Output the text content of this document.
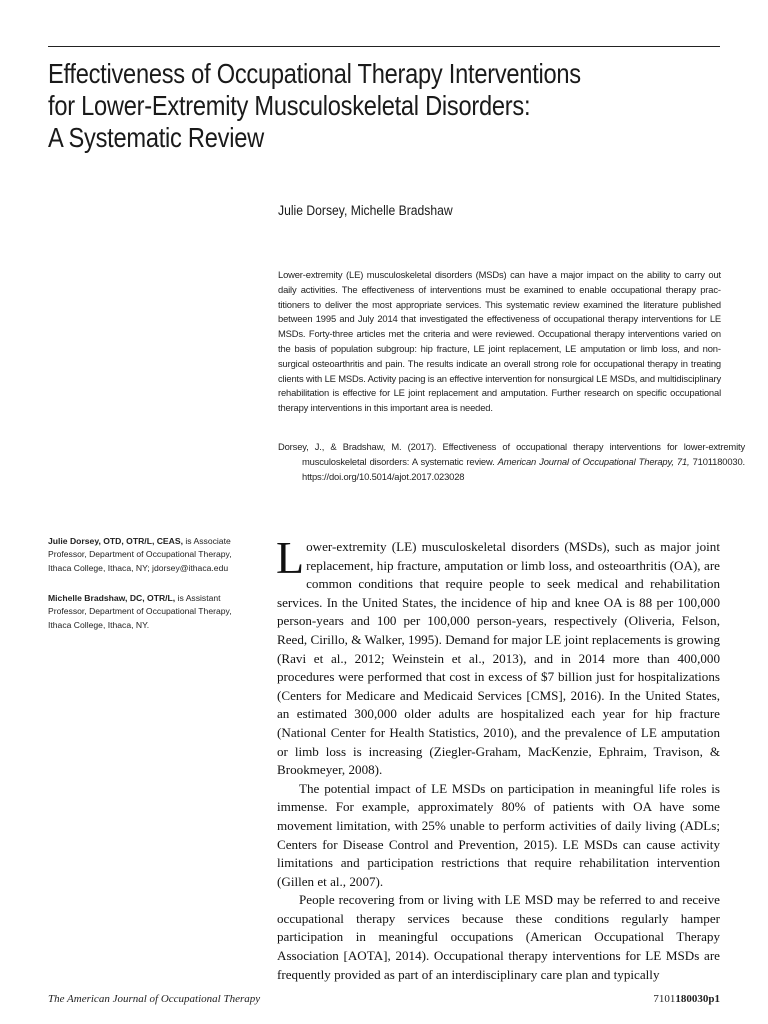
Effectiveness of Occupational Therapy Interventions
for Lower-Extremity Musculoskeletal Disorders:
A Systematic Review

Julie Dorsey, Michelle Bradshaw

Lower-extremity (LE) musculoskeletal disorders (MSDs) can have a major impact on the ability to carry out daily activities. The effectiveness of interventions must be examined to enable occupational therapy practitioners to deliver the most appropriate services. This systematic review examined the literature published between 1995 and July 2014 that investigated the effectiveness of occupational therapy interventions for LE MSDs. Forty-three articles met the criteria and were reviewed. Occupational therapy interventions varied on the basis of population subgroup: hip fracture, LE joint replacement, LE amputation or limb loss, and nonsurgical osteoarthritis and pain. The results indicate an overall strong role for occupational therapy in treating clients with LE MSDs. Activity pacing is an effective intervention for nonsurgical LE MSDs, and multidisciplinary rehabilitation is effective for LE joint replacement and amputation. Further research on specific occupational therapy interventions in this important area is needed.

Dorsey, J., & Bradshaw, M. (2017). Effectiveness of occupational therapy interventions for lower-extremity musculoskeletal disorders: A systematic review. American Journal of Occupational Therapy, 71, 7101180030. https://doi.org/10.5014/ajot.2017.023028

Julie Dorsey, OTD, OTR/L, CEAS, is Associate Professor, Department of Occupational Therapy, Ithaca College, Ithaca, NY; jdorsey@ithaca.edu

Michelle Bradshaw, DC, OTR/L, is Assistant Professor, Department of Occupational Therapy, Ithaca College, Ithaca, NY.

Lower-extremity (LE) musculoskeletal disorders (MSDs), such as major joint replacement, hip fracture, amputation or limb loss, and osteoarthritis (OA), are common conditions that require people to seek medical and rehabilitation services. In the United States, the incidence of hip and knee OA is 88 per 100,000 person-years and 100 per 100,000 person-years, respectively (Oliveria, Felson, Reed, Cirillo, & Walker, 1995). Demand for major LE joint replacements is growing (Ravi et al., 2012; Weinstein et al., 2013), and in 2014 more than 400,000 procedures were performed that cost in excess of $7 billion just for hospitalizations (Centers for Medicare and Medicaid Services [CMS], 2016). In the United States, an estimated 300,000 older adults are hospitalized each year for hip fracture (National Center for Health Statistics, 2010), and the prevalence of LE amputation or limb loss is increasing (Ziegler-Graham, MacKenzie, Ephraim, Travison, & Brookmeyer, 2008).

The potential impact of LE MSDs on participation in meaningful life roles is immense. For example, approximately 80% of patients with OA have some movement limitation, with 25% unable to perform activities of daily living (ADLs; Centers for Disease Control and Prevention, 2015). LE MSDs can cause activity limitations and participation restrictions that require rehabilitation intervention (Gillen et al., 2007).

People recovering from or living with LE MSD may be referred to and receive occupational therapy services because these conditions regularly hamper participation in meaningful occupations (American Occupational Therapy Association [AOTA], 2014). Occupational therapy interventions for LE MSDs are frequently provided as part of an interdisciplinary care plan and typically

The American Journal of Occupational Therapy	7101180030p1
